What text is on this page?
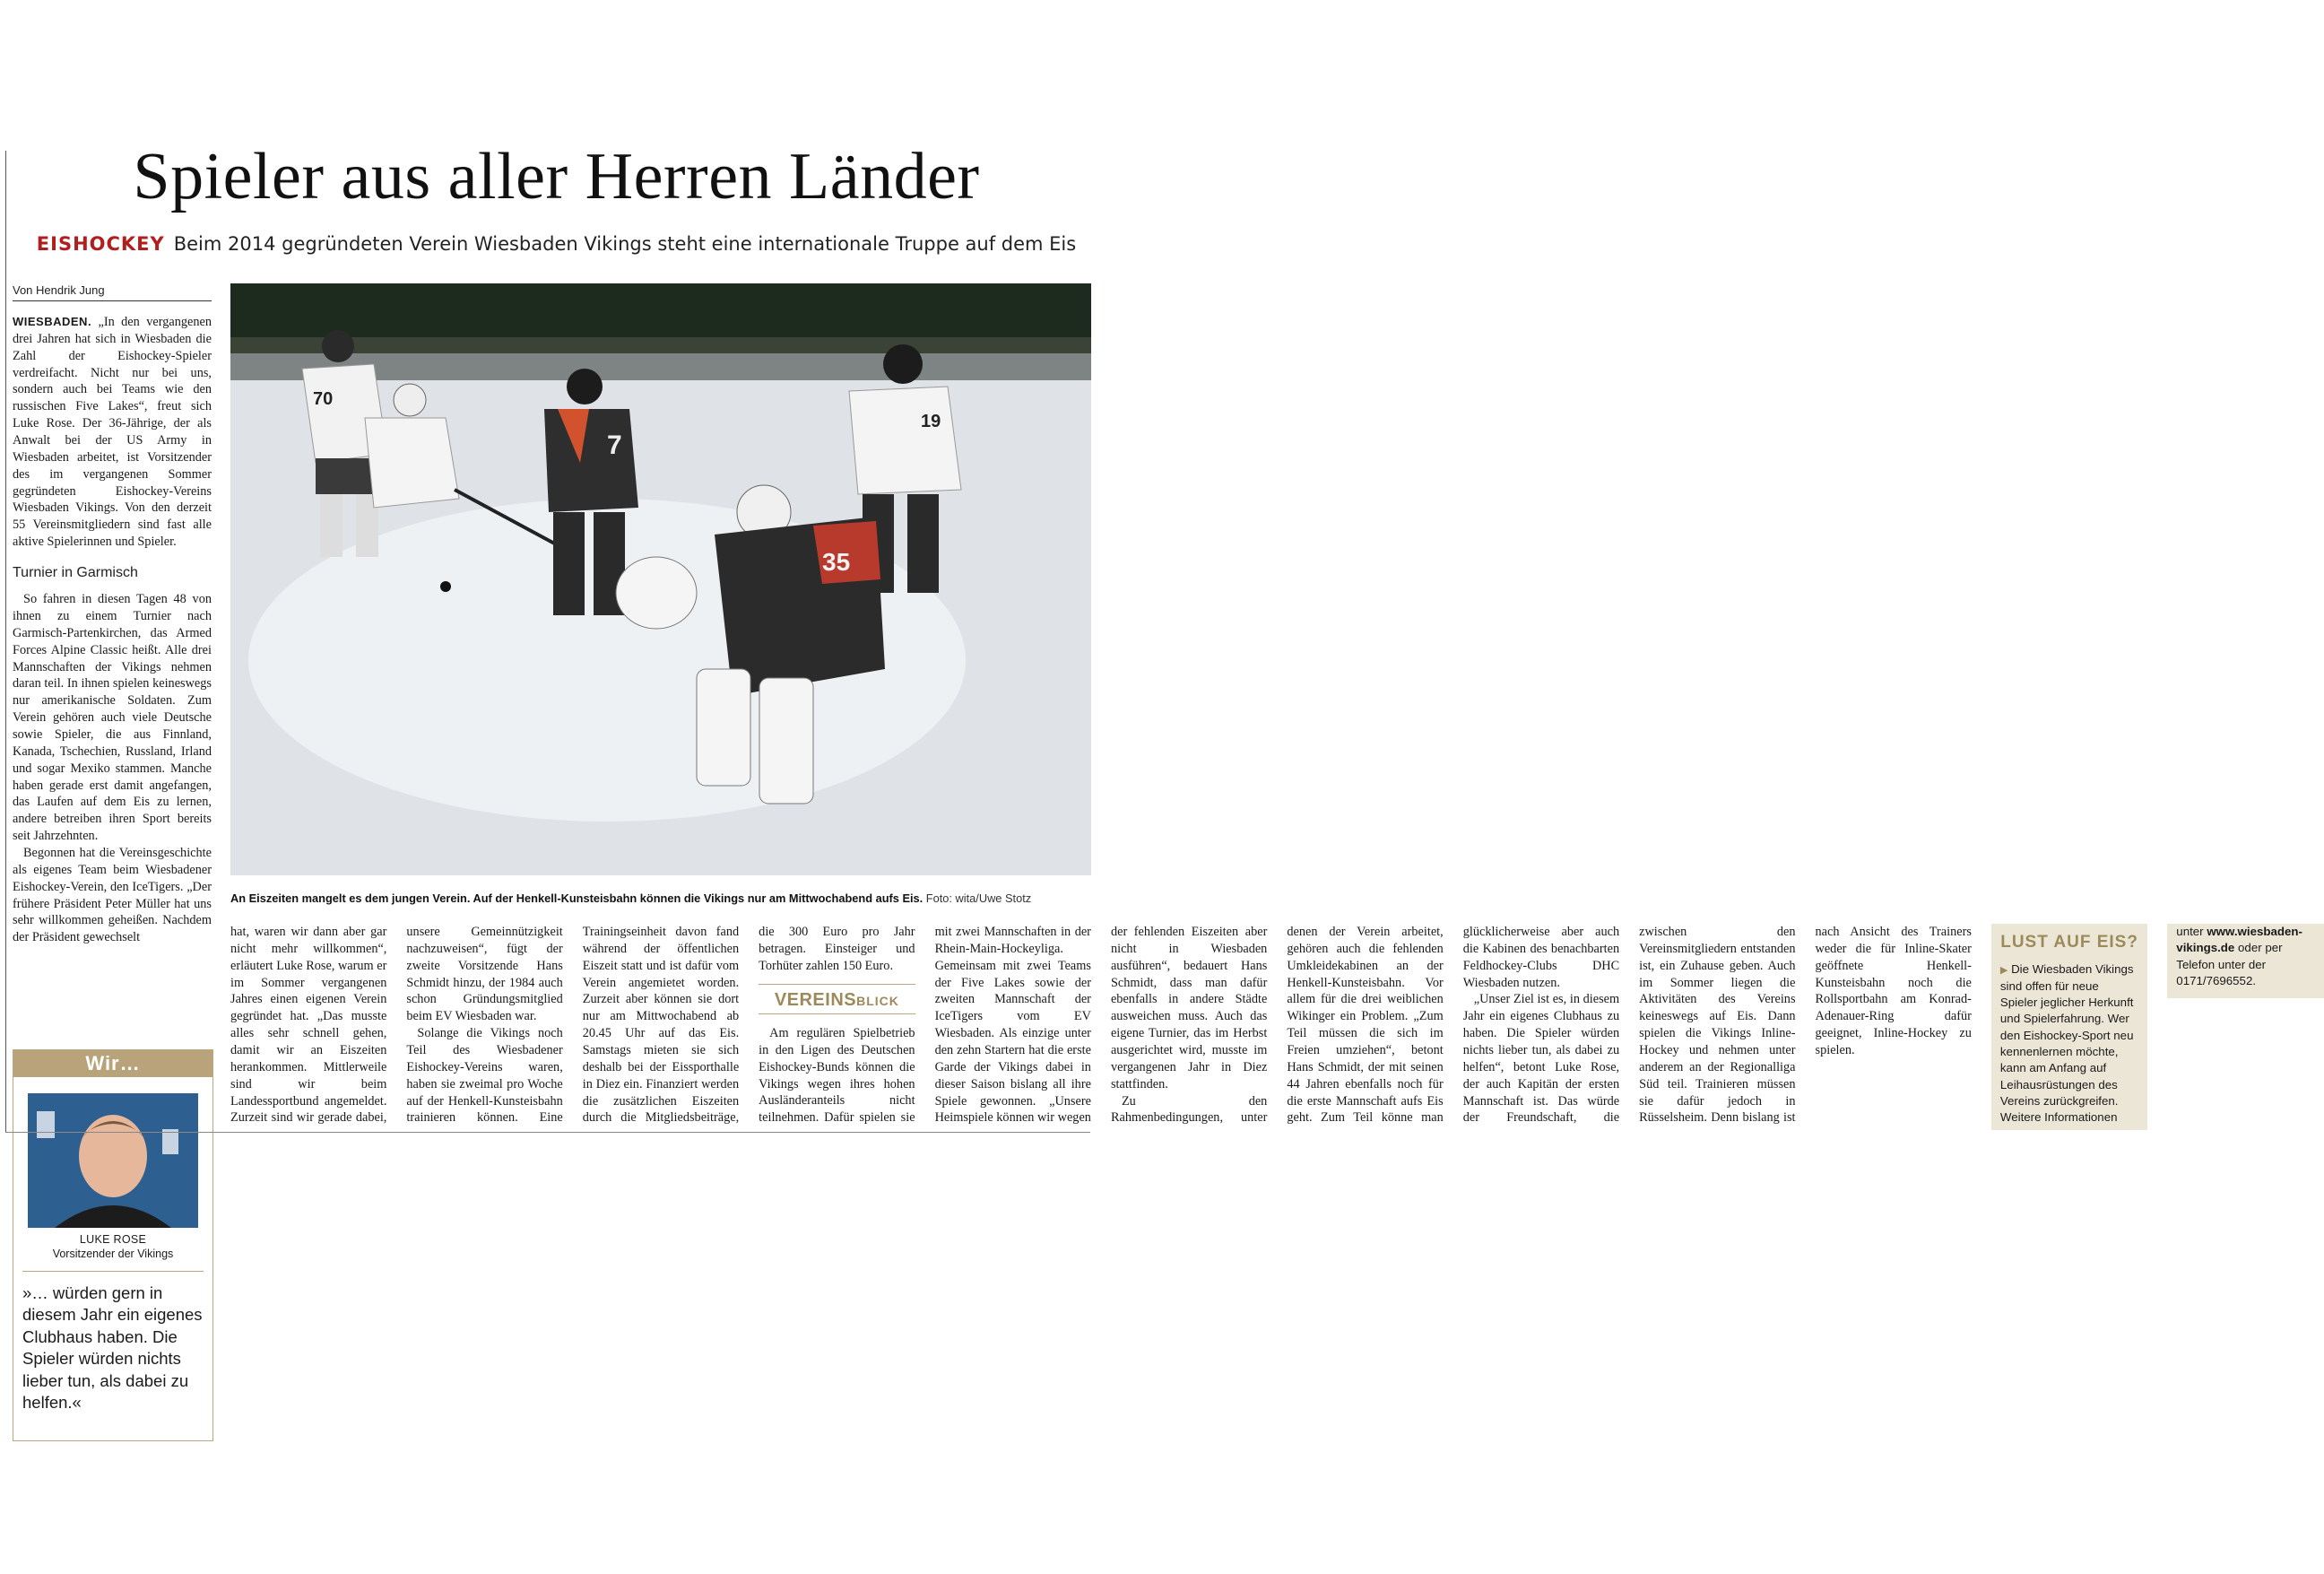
Spieler aus aller Herren Länder
EISHOCKEY Beim 2014 gegründeten Verein Wiesbaden Vikings steht eine internationale Truppe auf dem Eis
Von Hendrik Jung

WIESBADEN. „In den vergangenen drei Jahren hat sich in Wiesbaden die Zahl der Eishockey-Spieler verdreifacht. Nicht nur bei uns, sondern auch bei Teams wie den russischen Five Lakes“, freut sich Luke Rose. Der 36-Jährige, der als Anwalt bei der US Army in Wiesbaden arbeitet, ist Vorsitzender des im vergangenen Sommer gegründeten Eishockey-Vereins Wiesbaden Vikings. Von den derzeit 55 Vereinsmitgliedern sind fast alle aktive Spielerinnen und Spieler.

Turnier in Garmisch

So fahren in diesen Tagen 48 von ihnen zu einem Turnier nach Garmisch-Partenkirchen, das Armed Forces Alpine Classic heißt. Alle drei Mannschaften der Vikings nehmen daran teil. In ihnen spielen keineswegs nur amerikanische Soldaten. Zum Verein gehören auch viele Deutsche sowie Spieler, die aus Finnland, Kanada, Tschechien, Russland, Irland und sogar Mexiko stammen. Manche haben gerade erst damit angefangen, das Laufen auf dem Eis zu lernen, andere betreiben ihren Sport bereits seit Jahrzehnten.

Begonnen hat die Vereinsgeschichte als eigenes Team beim Wiesbadener Eishockey-Verein, den IceTigers. „Der frühere Präsident Peter Müller hat uns sehr willkommen geheißen. Nachdem der Präsident gewechselt

70
7
19
35
An Eiszeiten mangelt es dem jungen Verein. Auf der Henkell-Kunsteisbahn können die Vikings nur am Mittwochabend aufs Eis. Foto: wita/Uwe Stotz

hat, waren wir dann aber gar nicht mehr willkommen“, erläutert Luke Rose, warum er im Sommer vergangenen Jahres einen eigenen Verein gegründet hat. „Das musste alles sehr schnell gehen, damit wir an Eiszeiten herankommen. Mittlerweile sind wir beim Landessportbund angemeldet. Zurzeit sind wir gerade dabei, unsere Gemeinnützigkeit nachzuweisen“, fügt der zweite Vorsitzende Hans Schmidt hinzu, der 1984 auch schon Gründungsmitglied beim EV Wiesbaden war.

Solange die Vikings noch Teil des Wiesbadener Eishockey-Vereins waren, haben sie zweimal pro Woche auf der Henkell-Kunsteisbahn trainieren können. Eine Trainingseinheit davon fand während der öffentlichen Eiszeit statt und ist dafür vom Verein angemietet worden. Zurzeit aber können sie dort nur am Mittwochabend ab 20.45 Uhr auf das Eis. Samstags mieten sie sich deshalb bei der Eissporthalle in Diez ein. Finanziert werden die zusätzlichen Eiszeiten durch die Mitgliedsbeiträge, die 300 Euro pro Jahr betragen. Einsteiger und Torhüter zahlen 150 Euro.

VEREINSBLICK

Am regulären Spielbetrieb in den Ligen des Deutschen Eishockey-Bunds können die Vikings wegen ihres hohen Ausländeranteils nicht teilnehmen. Dafür spielen sie mit zwei Mannschaften in der Rhein-Main-Hockeyliga. Gemeinsam mit zwei Teams der Five Lakes sowie der zweiten Mannschaft der IceTigers vom EV Wiesbaden. Als einzige unter den zehn Startern hat die erste Garde der Vikings dabei in dieser Saison bislang all ihre Spiele gewonnen. „Unsere Heimspiele können wir wegen der fehlenden Eiszeiten aber nicht in Wiesbaden ausführen“, bedauert Hans Schmidt, dass man dafür ebenfalls in andere Städte ausweichen muss. Auch das eigene Turnier, das im Herbst ausgerichtet wird, musste im vergangenen Jahr in Diez stattfinden.

Zu den Rahmenbedingungen, unter denen der Verein arbeitet, gehören auch die fehlenden Umkleidekabinen an der Henkell-Kunsteisbahn. Vor allem für die drei weiblichen Wikinger ein Problem. „Zum Teil müssen die sich im Freien umziehen“, betont Hans Schmidt, der mit seinen 44 Jahren ebenfalls noch für die erste Mannschaft aufs Eis geht. Zum Teil könne man glücklicherweise aber auch die Kabinen des benachbarten Feldhockey-Clubs DHC Wiesbaden nutzen.

„Unser Ziel ist es, in diesem Jahr ein eigenes Clubhaus zu haben. Die Spieler würden nichts lieber tun, als dabei zu helfen“, betont Luke Rose, der auch Kapitän der ersten Mannschaft ist. Das würde der Freundschaft, die zwischen den Vereinsmitgliedern entstanden ist, ein Zuhause geben. Auch im Sommer liegen die Aktivitäten des Vereins keineswegs auf Eis. Dann spielen die Vikings Inline-Hockey und nehmen unter anderem an der Regionalliga Süd teil. Trainieren müssen sie dafür jedoch in Rüsselsheim. Denn bislang ist nach Ansicht des Trainers weder die für Inline-Skater geöffnete Henkell-Kunsteisbahn noch die Rollsportbahn am Konrad-Adenauer-Ring dafür geeignet, Inline-Hockey zu spielen.

LUST AUF EIS?
▶ Die Wiesbaden Vikings sind offen für neue Spieler jeglicher Herkunft und Spielerfahrung. Wer den Eishockey-Sport neu kennenlernen möchte, kann am Anfang auf Leihausrüstungen des Vereins zurückgreifen. Weitere Informationen unter www.wiesbaden-vikings.de oder per Telefon unter der 0171/7696552.
Wir…
LUKE ROSE
Vorsitzender der Vikings
»… würden gern in diesem Jahr ein eigenes Clubhaus haben. Die Spieler würden nichts lieber tun, als dabei zu helfen.«
